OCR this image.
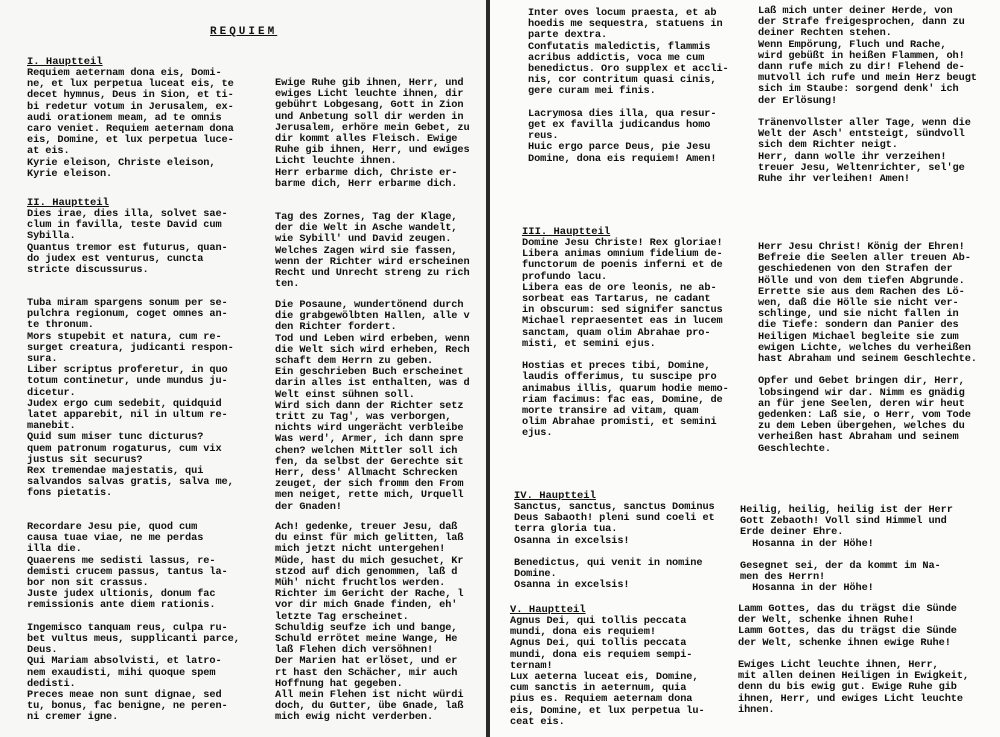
REQUIEM

I. Hauptteil

Requiem aeternam dona eis, Domi-
ne, et lux perpetua luceat eis, te
decet hymnus, Deus in Sion, et ti-
bi redetur votum in Jerusalem, ex-
audi orationem meam, ad te omnis
caro veniet. Requiem aeternam dona
eis, Domine, et lux perpetua luce-
at eis.
Kyrie eleison, Christe eleison,
Kyrie eleison.

Ewige Ruhe gib ihnen, Herr, und
ewiges Licht leuchte ihnen, dir
gebührt Lobgesang, Gott in Zion
und Anbetung soll dir werden in
Jerusalem, erhöre mein Gebet, zu
dir kommt alles Fleisch. Ewige
Ruhe gib ihnen, Herr, und ewiges
Licht leuchte ihnen.
Herr erbarme dich, Christe er-
barme dich, Herr erbarme dich.

II. Hauptteil

Dies irae, dies illa, solvet sae-
clum in favilla, teste David cum
Sybilla.
Quantus tremor est futurus, quan-
do judex est venturus, cuncta
stricte discussurus.

Tag des Zornes, Tag der Klage,
der die Welt in Asche wandelt,
wie Sybill' und David zeugen.
Welches Zagen wird sie fassen,
wenn der Richter wird erscheinen
Recht und Unrecht streng zu rich
ten.

Tuba miram spargens sonum per se-
pulchra regionum, coget omnes an-
te thronum.
Mors stupebit et natura, cum re-
surget creatura, judicanti respon-
sura.
Liber scriptus proferetur, in quo
totum continetur, unde mundus ju-
dicetur.
Judex ergo cum sedebit, quidquid
latet apparebit, nil in ultum re-
manebit.
Quid sum miser tunc dicturus?
quem patronum rogaturus, cum vix
justus sit securus?
Rex tremendae majestatis, qui
salvandos salvas gratis, salva me,
fons pietatis.

Die Posaune, wundertönend durch
die grabgewölbten Hallen, alle v
den Richter fordert.
Tod und Leben wird erbeben, wenn
die Welt sich wird erheben, Rech
schaft dem Herrn zu geben.
Ein geschrieben Buch erscheinet
darin alles ist enthalten, was d
Welt einst sühnen soll.
Wird sich dann der Richter setz
tritt zu Tag', was verborgen,
nichts wird ungerächt verbleibe
Was werd', Armer, ich dann spre
chen? welchen Mittler soll ich
fen, da selbst der Gerechte sit
Herr, dess' Allmacht Schrecken
zeuget, der sich fromm den From
men neiget, rette mich, Urquell
der Gnaden!

Recordare Jesu pie, quod cum
causa tuae viae, ne me perdas
illa die.
Quaerens me sedisti lassus, re-
demisti crucem passus, tantus la-
bor non sit crassus.
Juste judex ultionis, donum fac
remissionis ante diem rationis.

Ingemisco tanquam reus, culpa ru-
bet vultus meus, supplicanti parce,
Deus.
Qui Mariam absolvisti, et latro-
nem exaudisti, mihi quoque spem
dedisti.
Preces meae non sunt dignae, sed
tu, bonus, fac benigne, ne peren-
ni cremer igne.

Ach! gedenke, treuer Jesu, daß
du einst für mich gelitten, laß
mich jetzt nicht untergehen!
Müde, hast du mich gesuchet, Kr
stzod auf dich genommen, laß d
Müh' nicht fruchtlos werden.
Richter im Gericht der Rache, l
vor dir mich Gnade finden, eh'
letzte Tag erscheinet.
Schuldig seufze ich und bange,
Schuld errötet meine Wange, He
laß Flehen dich versöhnen!
Der Marien hat erlöset, und er
rt hast den Schächer, mir auch
Hoffnung hat gegeben.
All mein Flehen ist nicht würdi
doch, du Gutter, übe Gnade, laß
mich ewig nicht verderben.

Inter oves locum praesta, et ab
hoedis me sequestra, statuens in
parte dextra.
Confutatis maledictis, flammis
acribus addictis, voca me cum
benedictus. Oro supplex et accli-
nis, cor contritum quasi cinis,
gere curam mei finis.

Lacrymosa dies illa, qua resur-
get ex favilla judicandus homo
reus.
Huic ergo parce Deus, pie Jesu
Domine, dona eis requiem! Amen!

Laß mich unter deiner Herde, von
der Strafe freigesprochen, dann zu
deiner Rechten stehen.
Wenn Empörung, Fluch und Rache,
wird gebüßt in heißen Flammen, oh!
dann rufe mich zu dir! Flehend de-
mutvoll ich rufe und mein Herz beugt
sich im Staube: sorgend denk' ich
der Erlösung!

Tränenvollster aller Tage, wenn die
Welt der Asch' entsteigt, sündvoll
sich dem Richter neigt.
Herr, dann wolle ihr verzeihen!
treuer Jesu, Weltenrichter, sel'ge
Ruhe ihr verleihen! Amen!

III. Hauptteil

Domine Jesu Christe! Rex gloriae!
Libera animas omnium fidelium de-
functorum de poenis inferni et de
profundo lacu.
Libera eas de ore leonis, ne ab-
sorbeat eas Tartarus, ne cadant
in obscurum: sed signifer sanctus
Michael repraesentet eas in lucem
sanctam, quam olim Abrahae pro-
misti, et semini ejus.

Hostias et preces tibi, Domine,
laudis offerimus, tu suscipe pro
animabus illis, quarum hodie memo-
riam facimus: fac eas, Domine, de
morte transire ad vitam, quam
olim Abrahae promisti, et semini
ejus.

Herr Jesu Christ! König der Ehren!
Befreie die Seelen aller treuen Ab-
geschiedenen von den Strafen der
Hölle und von dem tiefen Abgrunde.
Errette sie aus dem Rachen des Lö-
wen, daß die Hölle sie nicht ver-
schlinge, und sie nicht fallen in
die Tiefe: sondern dan Panier des
Heiligen Michael begleite sie zum
ewigen Lichte, welches du verheißen
hast Abraham und seinem Geschlechte.

Opfer und Gebet bringen dir, Herr,
lobsingend wir dar. Nimm es gnädig
an für jene Seelen, deren wir heut
gedenken: Laß sie, o Herr, vom Tode
zu dem Leben übergehen, welches du
verheißen hast Abraham und seinem
Geschlechte.

IV. Hauptteil

Sanctus, sanctus, sanctus Dominus
Deus Sabaoth! pleni sund coeli et
terra gloria tua.
Osanna in excelsis!

Benedictus, qui venit in nomine
Domine.
Osanna in excelsis!

Heilig, heilig, heilig ist der Herr
Gott Zebaoth! Voll sind Himmel und
Erde deiner Ehre.
Hosanna in der Höhe!

Gesegnet sei, der da kommt im Na-
men des Herrn!
Hosanna in der Höhe!

V. Hauptteil

Agnus Dei, qui tollis peccata
mundi, dona eis requiem!
Agnus Dei, qui tollis peccata
mundi, dona eis requiem sempi-
ternam!
Lux aeterna luceat eis, Domine,
cum sanctis in aeternum, quia
pius es. Requiem aeternam dona
eis, Domine, et lux perpetua lu-
ceat eis.

Lamm Gottes, das du trägst die Sünde
der Welt, schenke ihnen Ruhe!
Lamm Gottes, das du trägst die Sünde
der Welt, schenke ihnen ewige Ruhe!

Ewiges Licht leuchte ihnen, Herr,
mit allen deinen Heiligen in Ewigkeit,
denn du bis ewig gut. Ewige Ruhe gib
ihnen, Herr, und ewiges Licht leuchte
ihnen.
